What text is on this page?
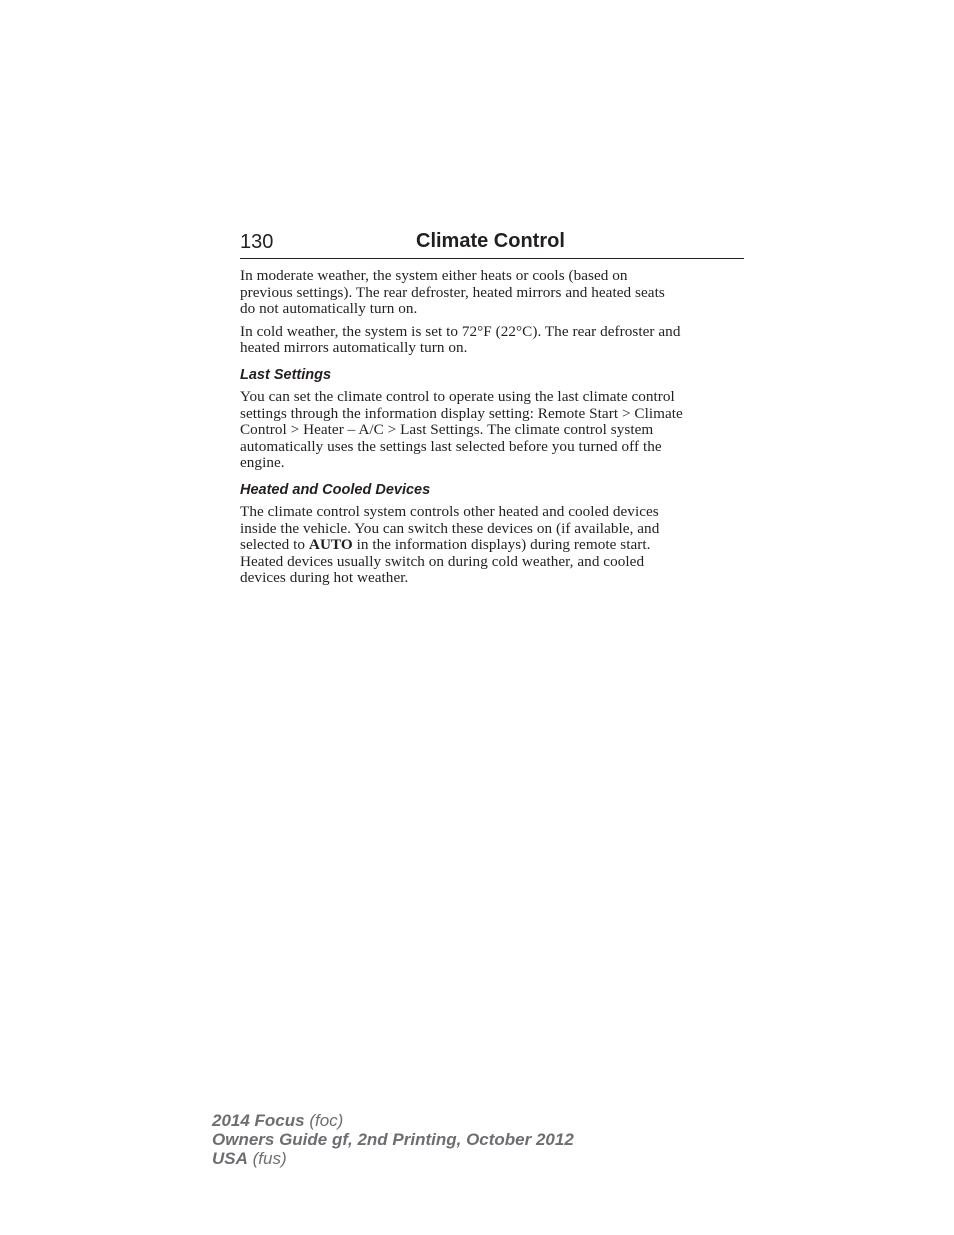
130	Climate Control

In moderate weather, the system either heats or cools (based on
previous settings). The rear defroster, heated mirrors and heated seats
do not automatically turn on.

In cold weather, the system is set to 72°F (22°C). The rear defroster and
heated mirrors automatically turn on.

Last Settings

You can set the climate control to operate using the last climate control
settings through the information display setting: Remote Start > Climate
Control > Heater – A/C > Last Settings. The climate control system
automatically uses the settings last selected before you turned off the
engine.

Heated and Cooled Devices

The climate control system controls other heated and cooled devices
inside the vehicle. You can switch these devices on (if available, and
selected to AUTO in the information displays) during remote start.
Heated devices usually switch on during cold weather, and cooled
devices during hot weather.

2014 Focus (foc)
Owners Guide gf, 2nd Printing, October 2012
USA (fus)
